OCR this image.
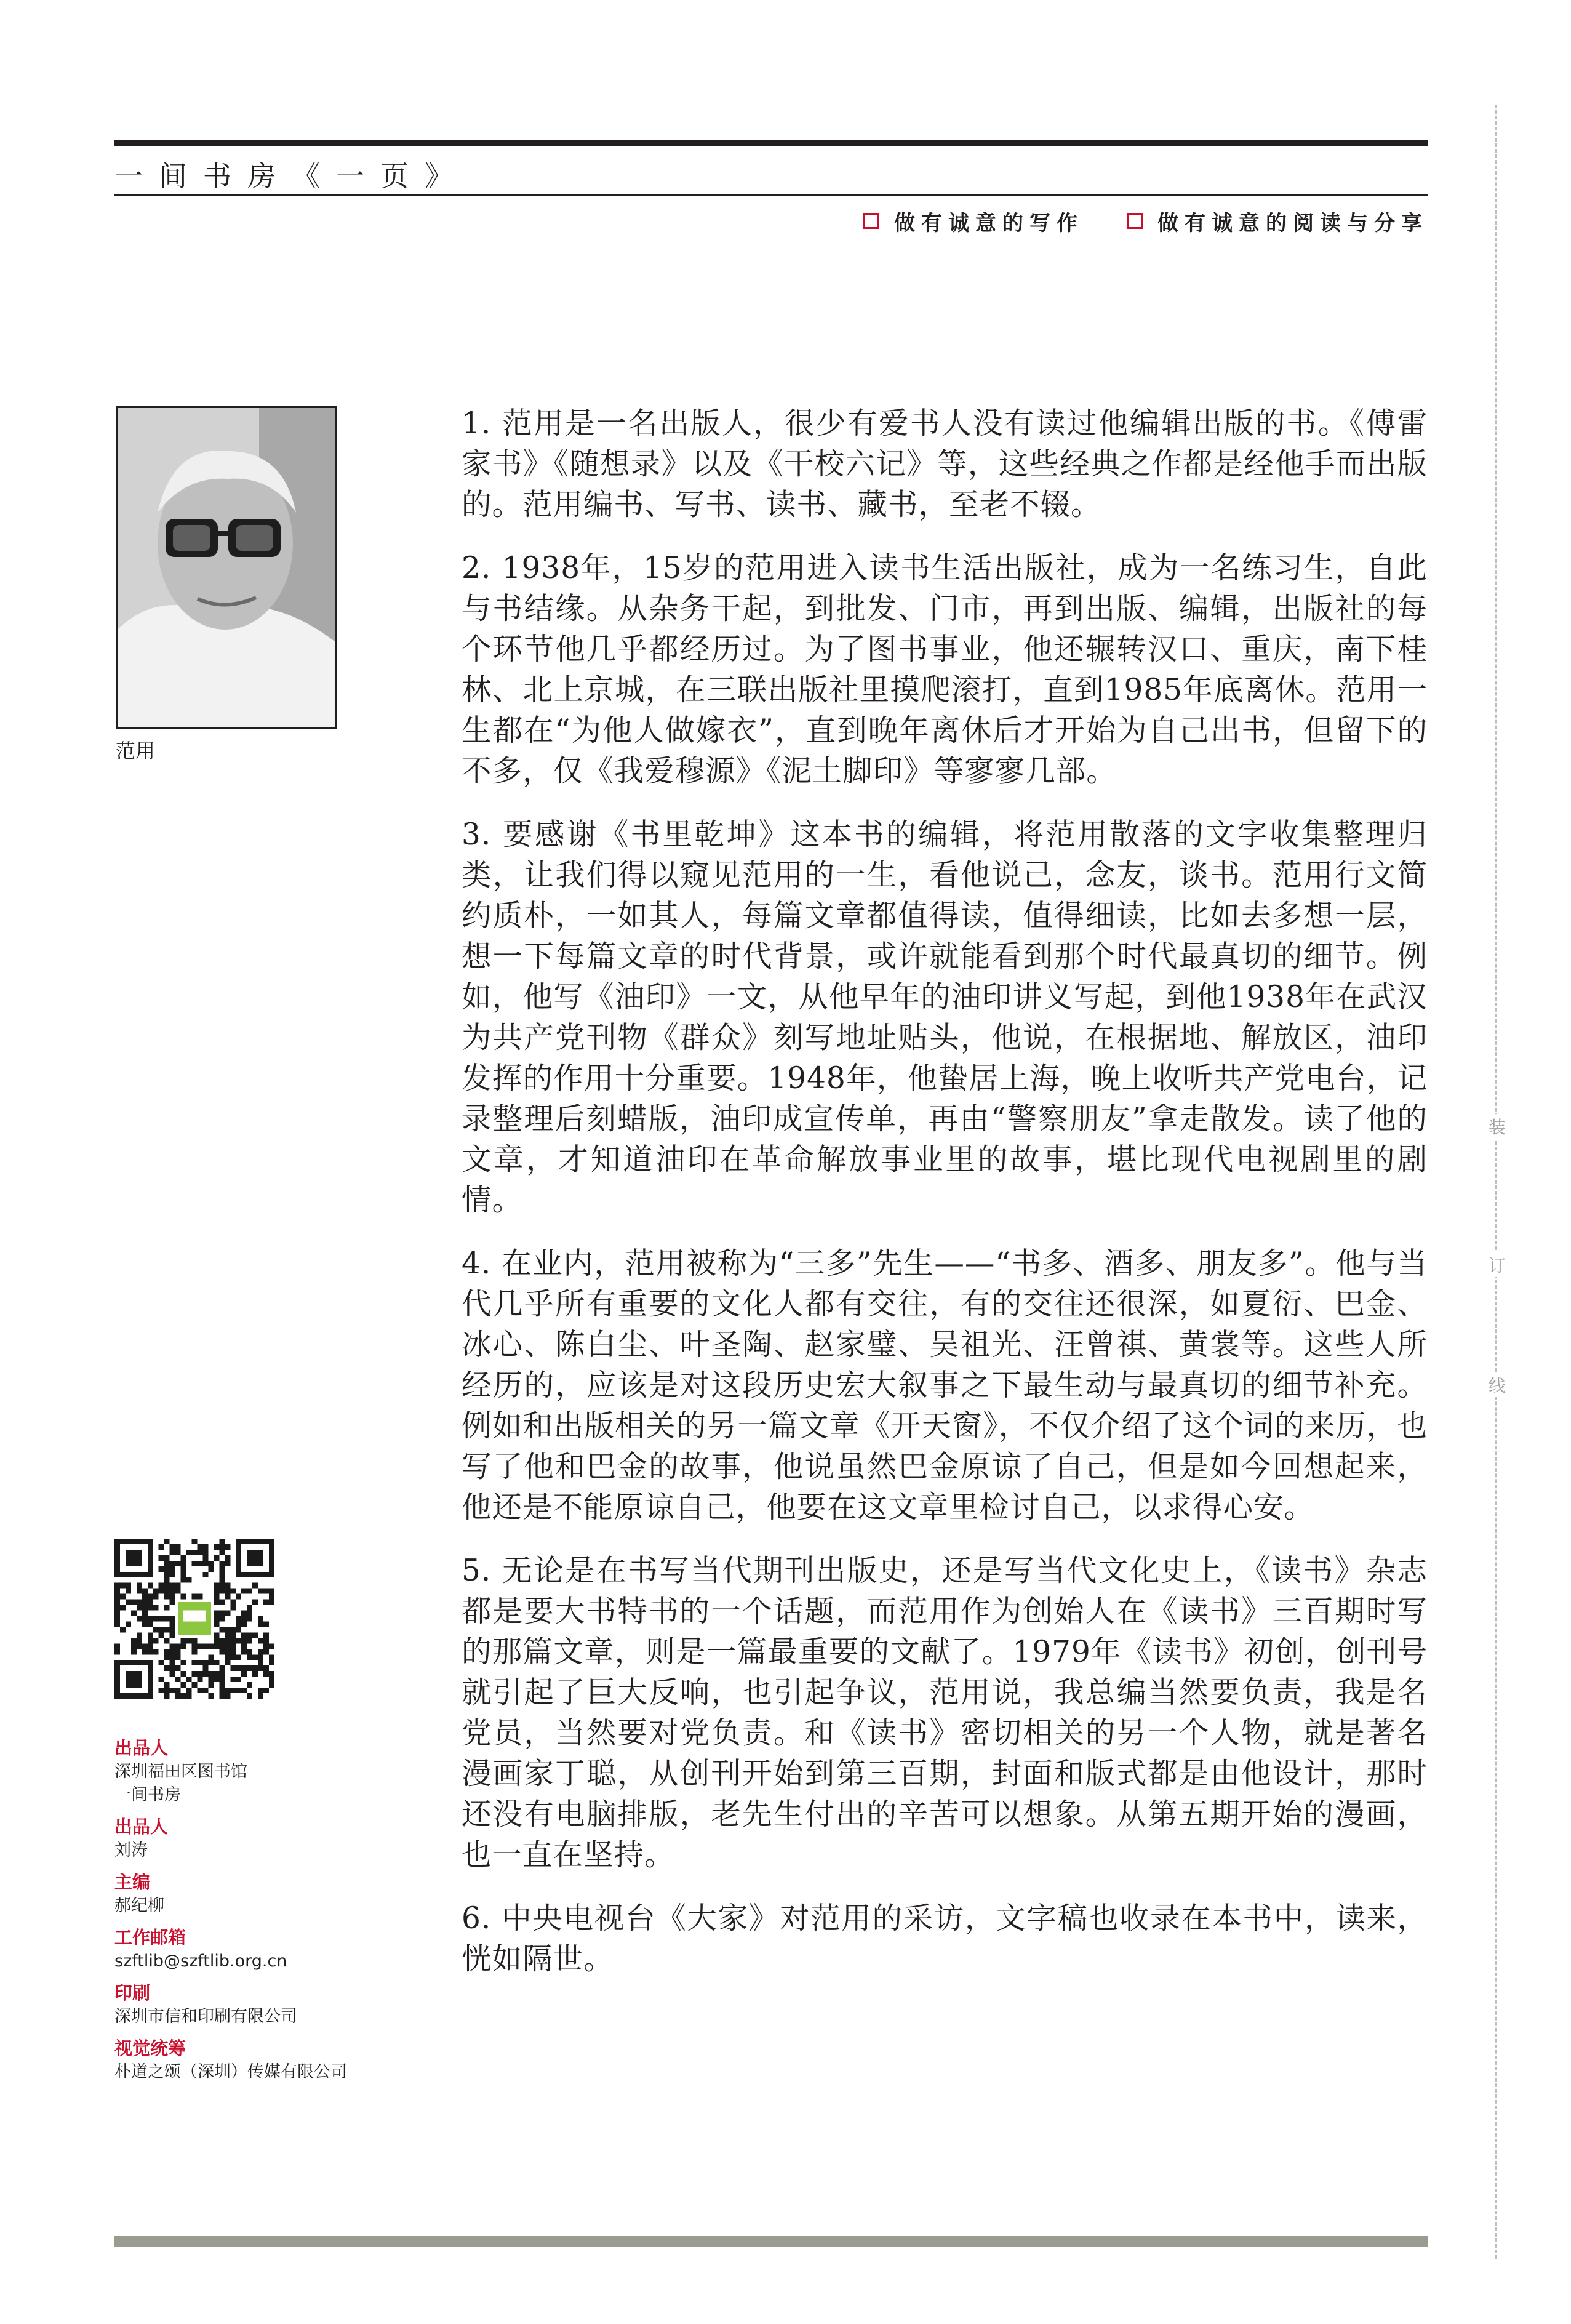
一间书房《一页》
做有诚意的写作	做有诚意的阅读与分享
装
订
线
范用

1. 范用是一名出版人，很少有爱书人没有读过他编辑出版的书。《傅雷家书》《随想录》以及《干校六记》等，这些经典之作都是经他手而出版的。范用编书、写书、读书、藏书，至老不辍。

2. 1938年，15岁的范用进入读书生活出版社，成为一名练习生，自此与书结缘。从杂务干起，到批发、门市，再到出版、编辑，出版社的每个环节他几乎都经历过。为了图书事业，他还辗转汉口、重庆，南下桂林、北上京城，在三联出版社里摸爬滚打，直到1985年底离休。范用一生都在“为他人做嫁衣”，直到晚年离休后才开始为自己出书，但留下的不多，仅《我爱穆源》《泥土脚印》等寥寥几部。

3. 要感谢《书里乾坤》这本书的编辑，将范用散落的文字收集整理归类，让我们得以窥见范用的一生，看他说己，念友，谈书。范用行文简约质朴，一如其人，每篇文章都值得读，值得细读，比如去多想一层，想一下每篇文章的时代背景，或许就能看到那个时代最真切的细节。例如，他写《油印》一文，从他早年的油印讲义写起，到他1938年在武汉为共产党刊物《群众》刻写地址贴头，他说，在根据地、解放区，油印发挥的作用十分重要。1948年，他蛰居上海，晚上收听共产党电台，记录整理后刻蜡版，油印成宣传单，再由“警察朋友”拿走散发。读了他的文章，才知道油印在革命解放事业里的故事，堪比现代电视剧里的剧情。

4. 在业内，范用被称为“三多”先生——“书多、酒多、朋友多”。他与当代几乎所有重要的文化人都有交往，有的交往还很深，如夏衍、巴金、冰心、陈白尘、叶圣陶、赵家璧、吴祖光、汪曾祺、黄裳等。这些人所经历的，应该是对这段历史宏大叙事之下最生动与最真切的细节补充。例如和出版相关的另一篇文章《开天窗》，不仅介绍了这个词的来历，也写了他和巴金的故事，他说虽然巴金原谅了自己，但是如今回想起来，他还是不能原谅自己，他要在这文章里检讨自己，以求得心安。

5. 无论是在书写当代期刊出版史，还是写当代文化史上，《读书》杂志都是要大书特书的一个话题，而范用作为创始人在《读书》三百期时写的那篇文章，则是一篇最重要的文献了。1979年《读书》初创，创刊号就引起了巨大反响，也引起争议，范用说，我总编当然要负责，我是名党员，当然要对党负责。和《读书》密切相关的另一个人物，就是著名漫画家丁聪，从创刊开始到第三百期，封面和版式都是由他设计，那时还没有电脑排版，老先生付出的辛苦可以想象。从第五期开始的漫画，也一直在坚持。

6. 中央电视台《大家》对范用的采访，文字稿也收录在本书中，读来，恍如隔世。

出品人

深圳福田区图书馆

一间书房

出品人

刘涛

主编

郝纪柳

工作邮箱

szftlib@szftlib.org.cn

印刷

深圳市信和印刷有限公司

视觉统筹

朴道之颂（深圳）传媒有限公司
